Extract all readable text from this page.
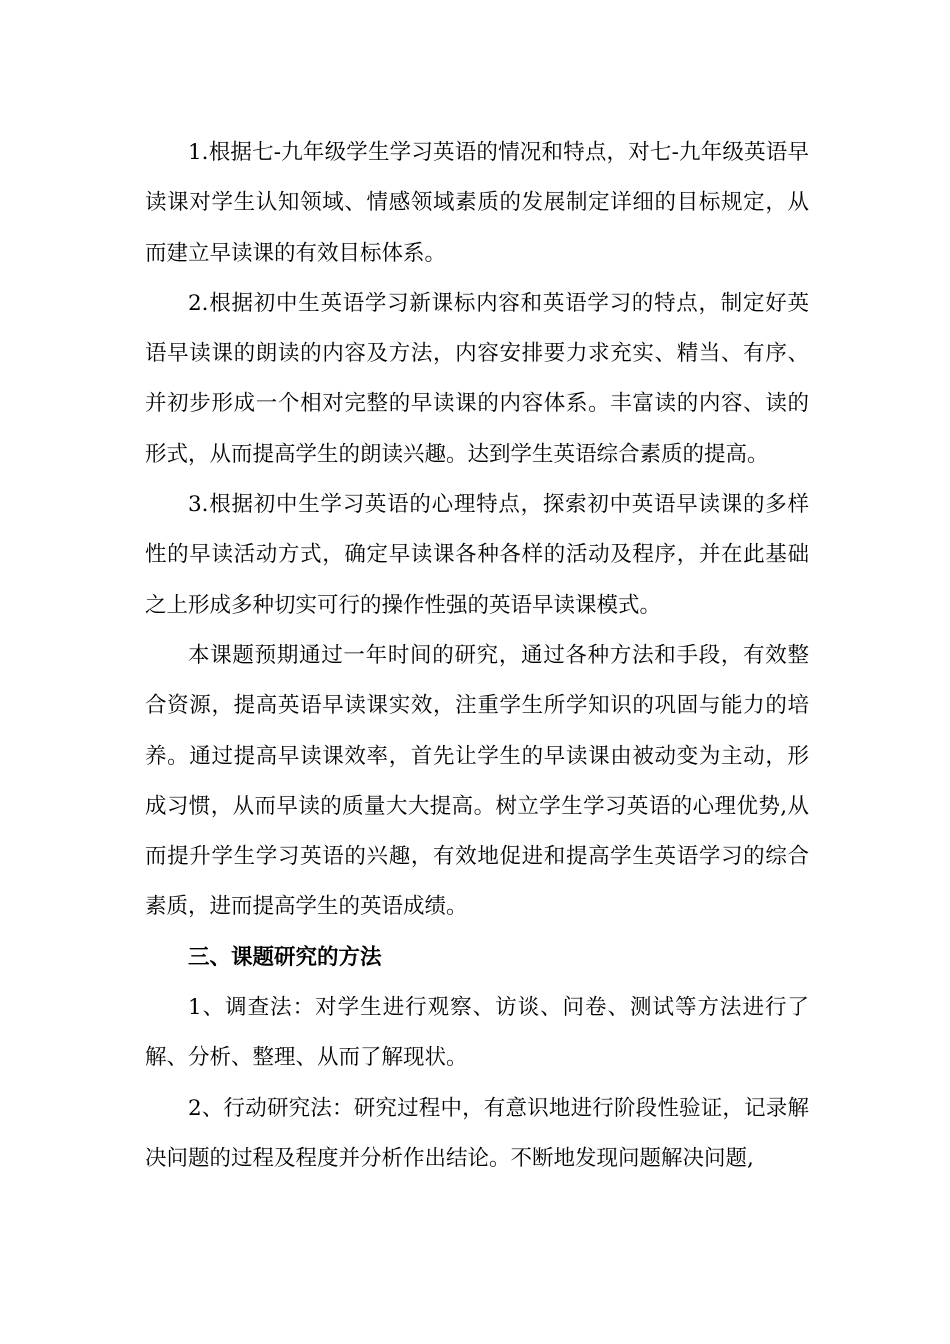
1.根据七-九年级学生学习英语的情况和特点，对七-九年级英语早读课对学生认知领域、情感领域素质的发展制定详细的目标规定，从而建立早读课的有效目标体系。

2.根据初中生英语学习新课标内容和英语学习的特点，制定好英语早读课的朗读的内容及方法，内容安排要力求充实、精当、有序、并初步形成一个相对完整的早读课的内容体系。丰富读的内容、读的形式，从而提高学生的朗读兴趣。达到学生英语综合素质的提高。

3.根据初中生学习英语的心理特点，探索初中英语早读课的多样性的早读活动方式，确定早读课各种各样的活动及程序，并在此基础之上形成多种切实可行的操作性强的英语早读课模式。

本课题预期通过一年时间的研究，通过各种方法和手段，有效整合资源，提高英语早读课实效，注重学生所学知识的巩固与能力的培养。通过提高早读课效率，首先让学生的早读课由被动变为主动，形成习惯，从而早读的质量大大提高。树立学生学习英语的心理优势,从而提升学生学习英语的兴趣，有效地促进和提高学生英语学习的综合素质，进而提高学生的英语成绩。

三、课题研究的方法

1、调查法：对学生进行观察、访谈、问卷、测试等方法进行了解、分析、整理、从而了解现状。

2、行动研究法：研究过程中，有意识地进行阶段性验证，记录解决问题的过程及程度并分析作出结论。不断地发现问题解决问题,
